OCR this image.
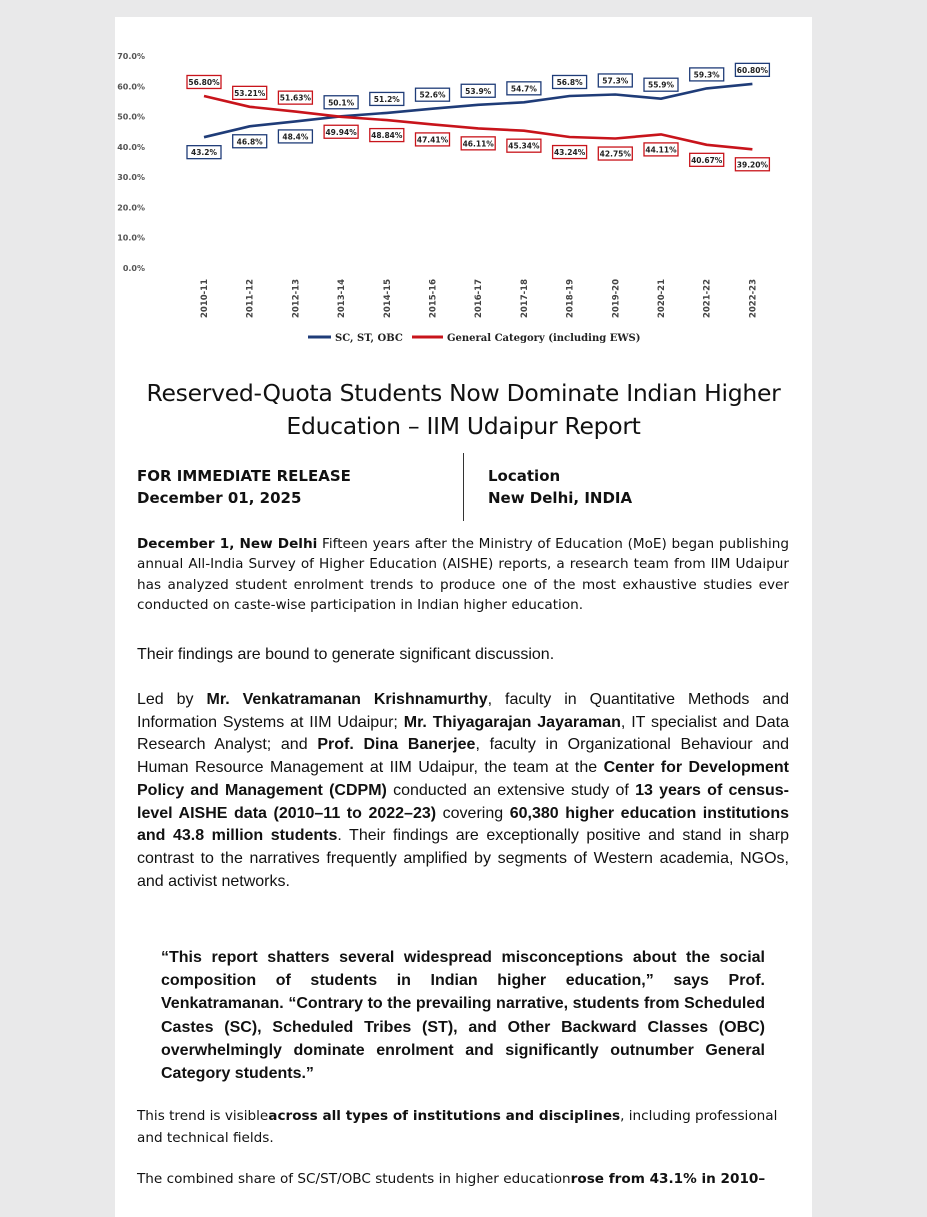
0.0%
10.0%
20.0%
30.0%
40.0%
50.0%
60.0%
70.0%
2010-11	2011-12	2012-13	2013-14	2014-15	2015-16	2016-17	2017-18	2018-19	2019-20	2020-21	2021-22	2022-23
43.2%
46.8%
48.4%
50.1%	51.2%	52.6%	53.9%	54.7%
56.8%	57.3%	55.9%
59.3%
60.80%
56.80%
53.21%
51.63%
49.94% 48.84% 47.41% 46.11% 45.34%
43.24% 42.75% 44.11%
40.67% 39.20%
SC, ST, OBC	General Category (including EWS)
Reserved-Quota Students Now Dominate Indian Higher
Education – IIM Udaipur Report
FOR IMMEDIATE RELEASE
December 01, 2025
Location
New Delhi, INDIA

December 1, New Delhi Fifteen years after the Ministry of Education (MoE) began publishing annual All-India Survey of Higher Education (AISHE) reports, a research team from IIM Udaipur has analyzed student enrolment trends to produce one of the most exhaustive studies ever conducted on caste-wise participation in Indian higher education.

Their findings are bound to generate significant discussion.

Led by Mr. Venkatramanan Krishnamurthy, faculty in Quantitative Methods and Information Systems at IIM Udaipur; Mr. Thiyagarajan Jayaraman, IT specialist and Data Research Analyst; and Prof. Dina Banerjee, faculty in Organizational Behaviour and Human Resource Management at IIM Udaipur, the team at the Center for Development Policy and Management (CDPM) conducted an extensive study of 13 years of census-level AISHE data (2010–11 to 2022–23) covering 60,380 higher education institutions and 43.8 million students. Their findings are exceptionally positive and stand in sharp contrast to the narratives frequently amplified by segments of Western academia, NGOs, and activist networks.

“This report shatters several widespread misconceptions about the social composition of students in Indian higher education,” says Prof. Venkatramanan. “Contrary to the prevailing narrative, students from Scheduled Castes (SC), Scheduled Tribes (ST), and Other Backward Classes (OBC) overwhelmingly dominate enrolment and significantly outnumber General Category students.”

This trend is visibleacross all types of institutions and disciplines, including professional and technical fields.

The combined share of SC/ST/OBC students in higher educationrose from 43.1% in 2010–
